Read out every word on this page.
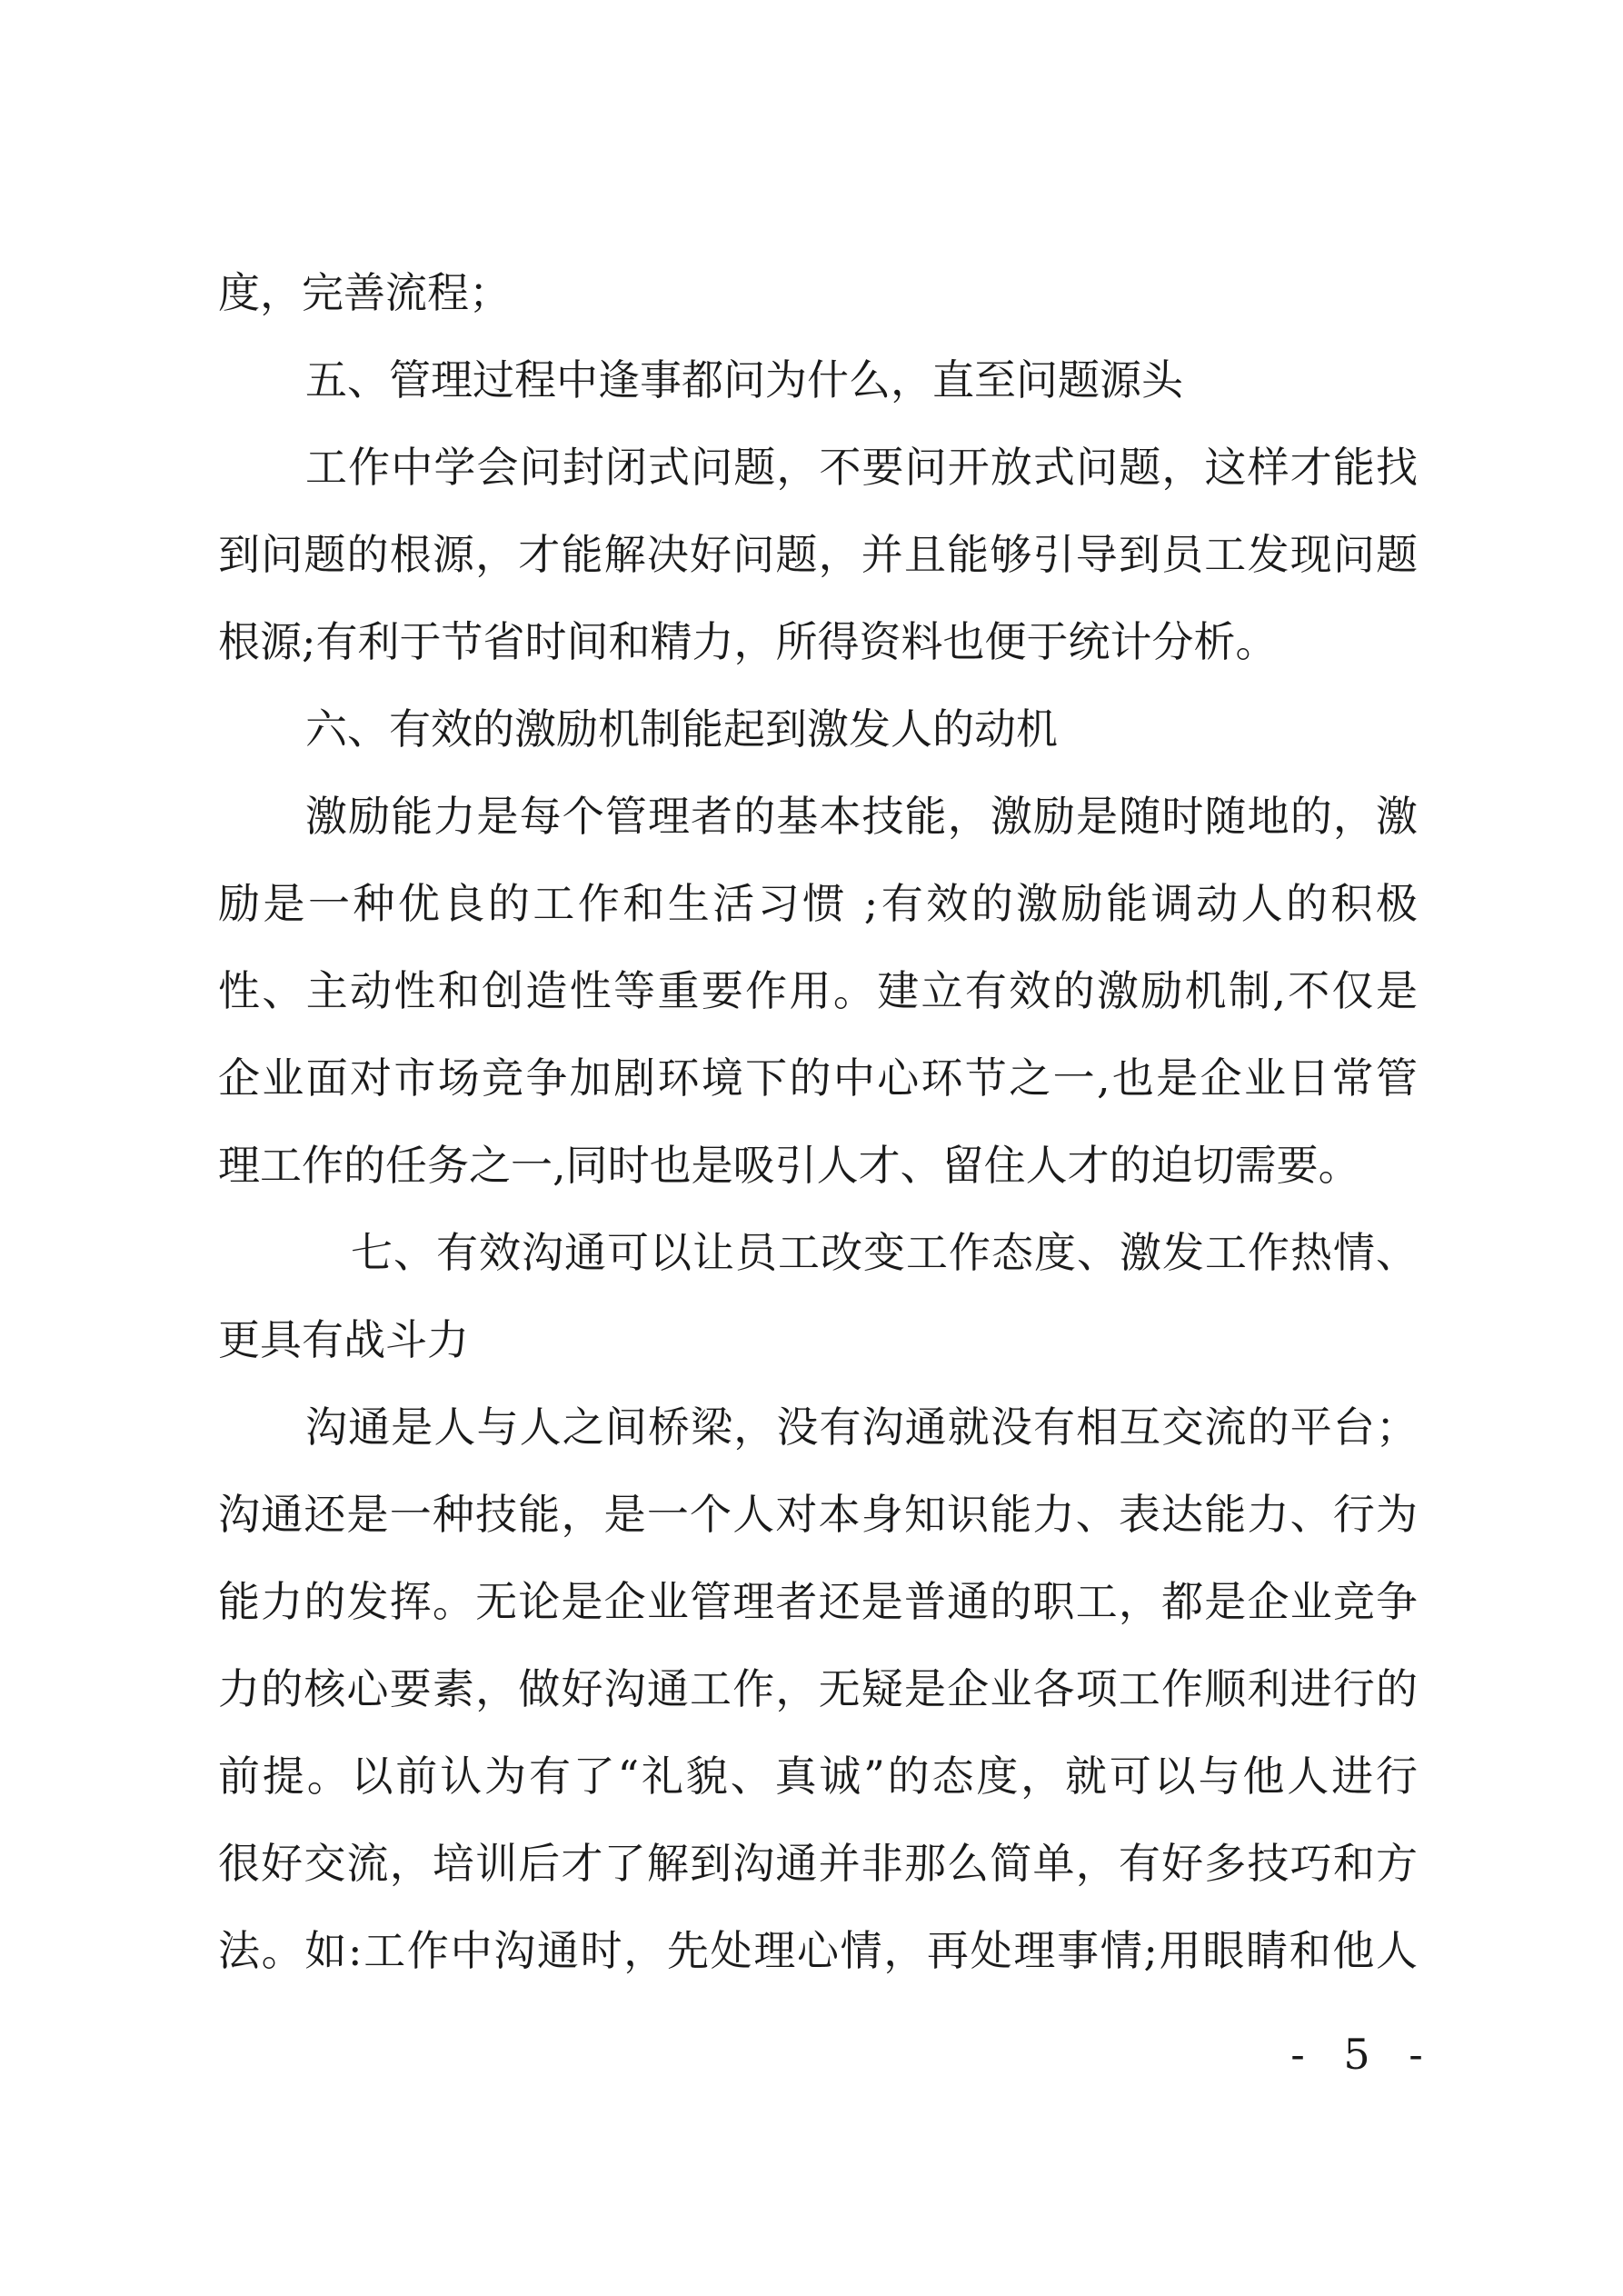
度，完善流程；
五、管理过程中逢事都问为什么，直至问题源头
工作中学会问封闭式问题，不要问开放式问题，这样才能找
到问题的根源，才能解决好问题，并且能够引导到员工发现问题
根源;有利于节省时间和精力，所得资料也便于统计分析。
六、有效的激励机制能起到激发人的动机
激励能力是每个管理者的基本技能，激励是随时随地的，激
励是一种优良的工作和生活习惯 ;有效的激励能调动人的积极
性、主动性和创造性等重要作用。建立有效的激励机制,不仅是
企业面对市场竞争加剧环境下的中心环节之一,也是企业日常管
理工作的任务之一,同时也是吸引人才、留住人才的迫切需要。
七、有效沟通可以让员工改变工作态度、激发工作热情、
更具有战斗力
沟通是人与人之间桥梁，没有沟通就没有相互交流的平台；
沟通还是一种技能，是一个人对本身知识能力、表达能力、行为
能力的发挥。无论是企业管理者还是普通的职工，都是企业竞争
力的核心要素，做好沟通工作，无疑是企业各项工作顺利进行的
前提。以前认为有了“礼貌、真诚”的态度，就可以与他人进行
很好交流，培训后才了解到沟通并非那么简单，有好多技巧和方
法。如:工作中沟通时，先处理心情，再处理事情;用眼睛和他人
- 5 -
